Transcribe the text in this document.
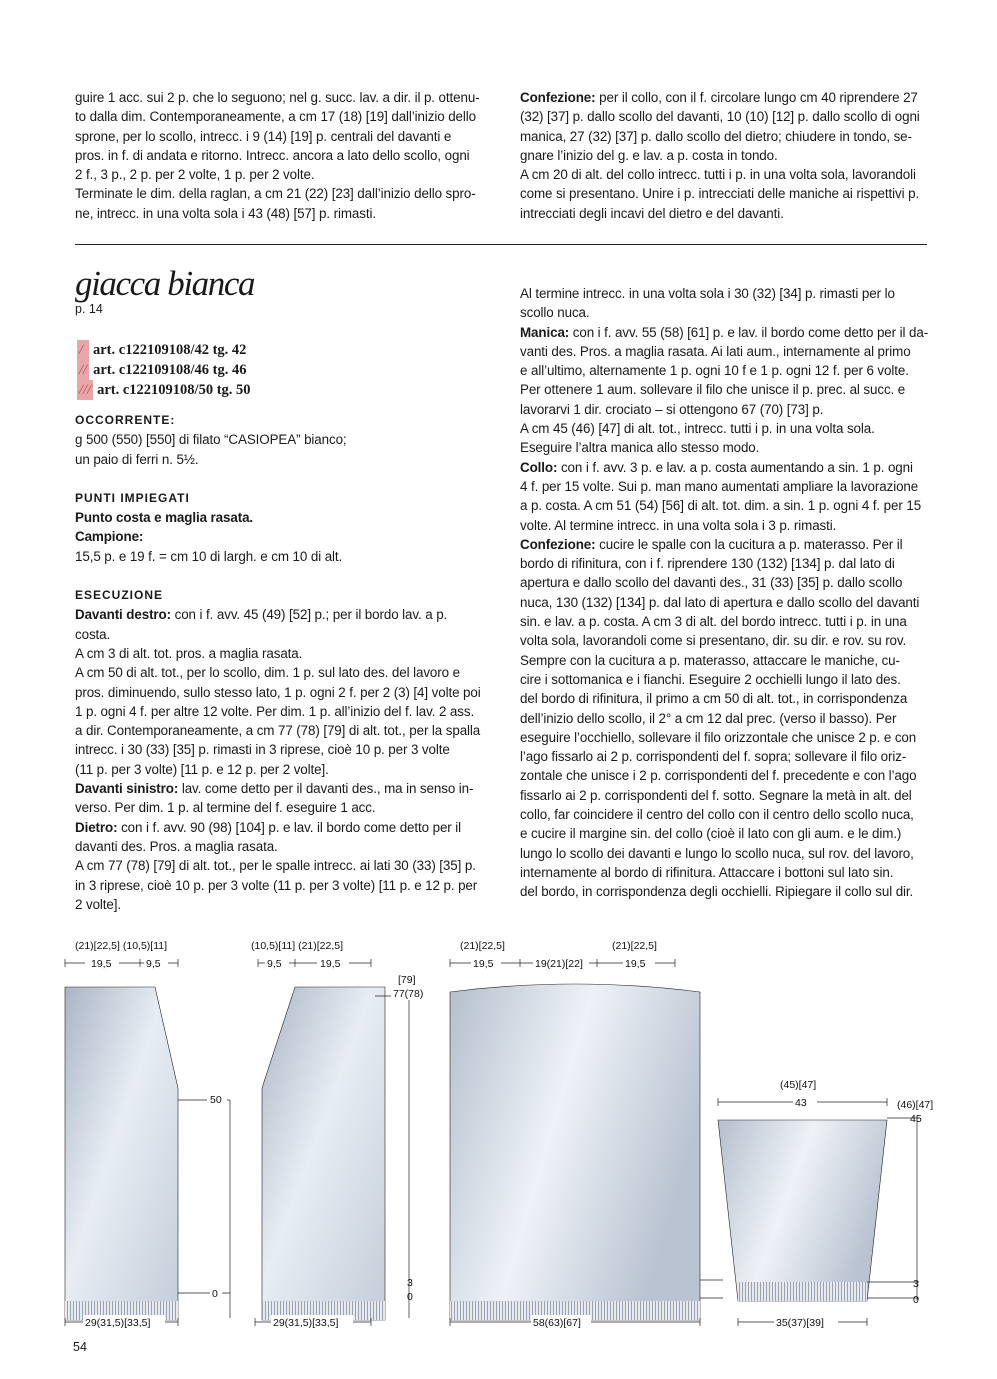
guire 1 acc. sui 2 p. che lo seguono; nel g. succ. lav. a dir. il p. ottenu-

to dalla dim. Contemporaneamente, a cm 17 (18) [19] dall’inizio dello

sprone, per lo scollo, intrecc. i 9 (14) [19] p. centrali del davanti e

pros. in f. di andata e ritorno. Intrecc. ancora a lato dello scollo, ogni

2 f., 3 p., 2 p. per 2 volte, 1 p. per 2 volte.

Terminate le dim. della raglan, a cm 21 (22) [23] dall’inizio dello spro-

ne, intrecc. in una volta sola i 43 (48) [57] p. rimasti.

Confezione: per il collo, con il f. circolare lungo cm 40 riprendere 27

(32) [37] p. dallo scollo del davanti, 10 (10) [12] p. dallo scollo di ogni

manica, 27 (32) [37] p. dallo scollo del dietro; chiudere in tondo, se-

gnare l’inizio del g. e lav. a p. costa in tondo.

A cm 20 di alt. del collo intrecc. tutti i p. in una volta sola, lavorandoli

come si presentano. Unire i p. intrecciati delle maniche ai rispettivi p.

intrecciati degli incavi del dietro e del davanti.

giacca bianca
p. 14
/ art. c122109108/42 tg. 42
// art. c122109108/46 tg. 46
/// art. c122109108/50 tg. 50

OCCORRENTE:

g 500 (550) [550] di filato “CASIOPEA” bianco;

un paio di ferri n. 5½.

PUNTI IMPIEGATI

Punto costa e maglia rasata.

Campione:

15,5 p. e 19 f. = cm 10 di largh. e cm 10 di alt.

ESECUZIONE

Davanti destro: con i f. avv. 45 (49) [52] p.; per il bordo lav. a p. costa.

A cm 3 di alt. tot. pros. a maglia rasata.

A cm 50 di alt. tot., per lo scollo, dim. 1 p. sul lato des. del lavoro e

pros. diminuendo, sullo stesso lato, 1 p. ogni 2 f. per 2 (3) [4] volte poi

1 p. ogni 4 f. per altre 12 volte. Per dim. 1 p. all’inizio del f. lav. 2 ass.

a dir. Contemporaneamente, a cm 77 (78) [79] di alt. tot., per la spalla

intrecc. i 30 (33) [35] p. rimasti in 3 riprese, cioè 10 p. per 3 volte

(11 p. per 3 volte) [11 p. e 12 p. per 2 volte].

Davanti sinistro: lav. come detto per il davanti des., ma in senso in-

verso. Per dim. 1 p. al termine del f. eseguire 1 acc.

Dietro: con i f. avv. 90 (98) [104] p. e lav. il bordo come detto per il

davanti des. Pros. a maglia rasata.

A cm 77 (78) [79] di alt. tot., per le spalle intrecc. ai lati 30 (33) [35] p.

in 3 riprese, cioè 10 p. per 3 volte (11 p. per 3 volte) [11 p. e 12 p. per

2 volte].

Al termine intrecc. in una volta sola i 30 (32) [34] p. rimasti per lo

scollo nuca.

Manica: con i f. avv. 55 (58) [61] p. e lav. il bordo come detto per il da-

vanti des. Pros. a maglia rasata. Ai lati aum., internamente al primo

e all’ultimo, alternamente 1 p. ogni 10 f e 1 p. ogni 12 f. per 6 volte.

Per ottenere 1 aum. sollevare il filo che unisce il p. prec. al succ. e

lavorarvi 1 dir. crociato – si ottengono 67 (70) [73] p.

A cm 45 (46) [47] di alt. tot., intrecc. tutti i p. in una volta sola.

Eseguire l’altra manica allo stesso modo.

Collo: con i f. avv. 3 p. e lav. a p. costa aumentando a sin. 1 p. ogni

4 f. per 15 volte. Sui p. man mano aumentati ampliare la lavorazione

a p. costa. A cm 51 (54) [56] di alt. tot. dim. a sin. 1 p. ogni 4 f. per 15

volte. Al termine intrecc. in una volta sola i 3 p. rimasti.

Confezione: cucire le spalle con la cucitura a p. materasso. Per il

bordo di rifinitura, con i f. riprendere 130 (132) [134] p. dal lato di

apertura e dallo scollo del davanti des., 31 (33) [35] p. dallo scollo

nuca, 130 (132) [134] p. dal lato di apertura e dallo scollo del davanti

sin. e lav. a p. costa. A cm 3 di alt. del bordo intrecc. tutti i p. in una

volta sola, lavorandoli come si presentano, dir. su dir. e rov. su rov.

Sempre con la cucitura a p. materasso, attaccare le maniche, cu-

cire i sottomanica e i fianchi. Eseguire 2 occhielli lungo il lato des.

del bordo di rifinitura, il primo a cm 50 di alt. tot., in corrispondenza

dell’inizio dello scollo, il 2° a cm 12 dal prec. (verso il basso). Per

eseguire l’occhiello, sollevare il filo orizzontale che unisce 2 p. e con

l’ago fissarlo ai 2 p. corrispondenti del f. sopra; sollevare il filo oriz-

zontale che unisce i 2 p. corrispondenti del f. precedente e con l’ago

fissarlo ai 2 p. corrispondenti del f. sotto. Segnare la metà in alt. del

collo, far coincidere il centro del collo con il centro dello scollo nuca,

e cucire il margine sin. del collo (cioè il lato con gli aum. e le dim.)

lungo lo scollo dei davanti e lungo lo scollo nuca, sul rov. del lavoro,

internamente al bordo di rifinitura. Attaccare i bottoni sul lato sin.

del bordo, in corrispondenza degli occhielli. Ripiegare il collo sul dir.

(21)[22,5] (10,5)[11]
19,5	9,5
50
0
29(31,5)[33,5]
(10,5)[11] (21)[22,5]
9,5	19,5
29(31,5)[33,5]
[79]
77(78)
3
0
(21)[22,5]	(21)[22,5]
19,5	19(21)[22]	19,5
58(63)[67]
(45)[47]
43	(46)[47]
45
3
0
35(37)[39]
54
